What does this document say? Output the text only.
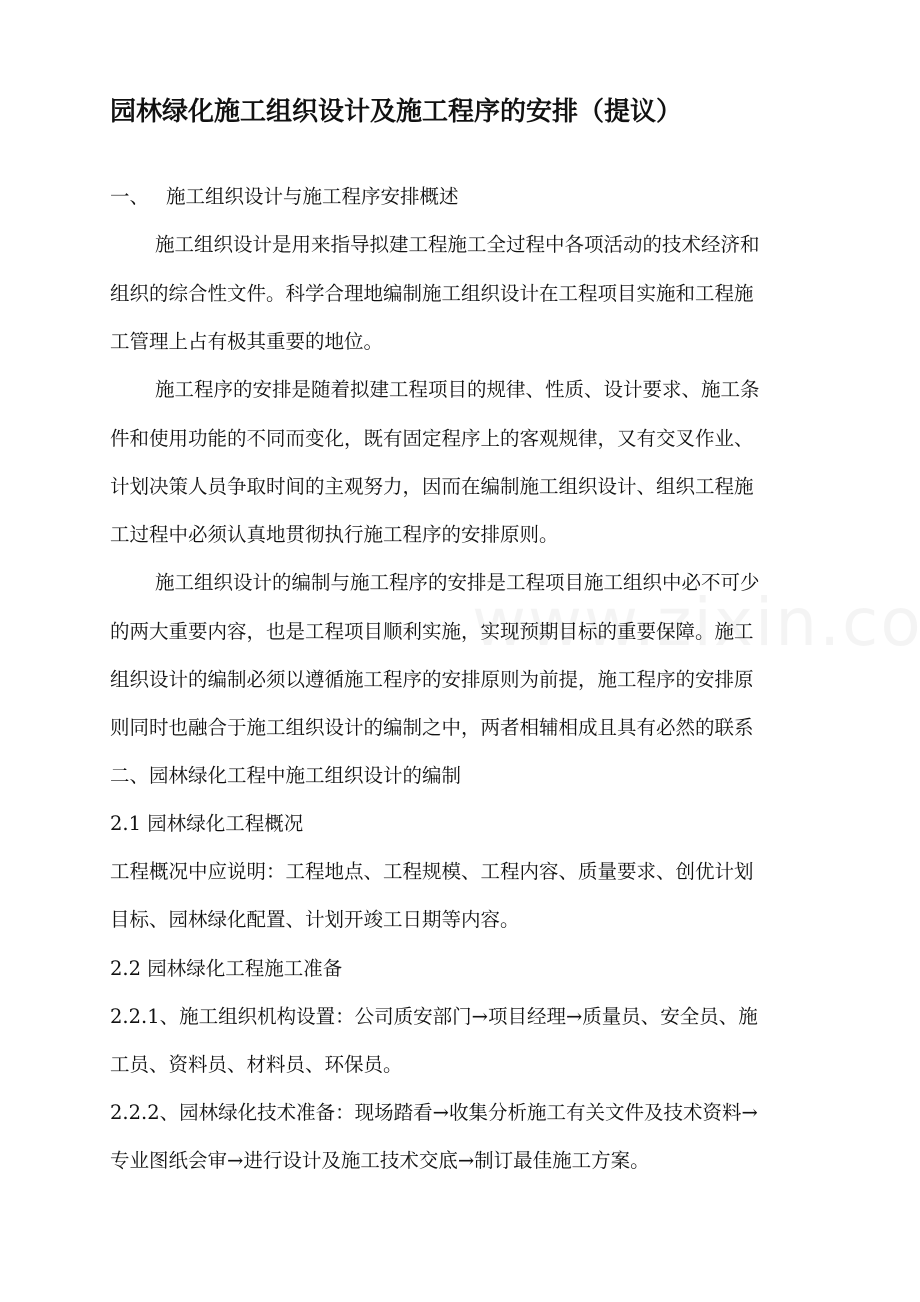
园林绿化施工组织设计及施工程序的安排（提议）

一、 施工组织设计与施工程序安排概述

施工组织设计是用来指导拟建工程施工全过程中各项活动的技术经济和

组织的综合性文件。科学合理地编制施工组织设计在工程项目实施和工程施

工管理上占有极其重要的地位。

施工程序的安排是随着拟建工程项目的规律、性质、设计要求、施工条

件和使用功能的不同而变化，既有固定程序上的客观规律，又有交叉作业、

计划决策人员争取时间的主观努力，因而在编制施工组织设计、组织工程施

工过程中必须认真地贯彻执行施工程序的安排原则。

施工组织设计的编制与施工程序的安排是工程项目施工组织中必不可少

的两大重要内容，也是工程项目顺利实施，实现预期目标的重要保障。施工

组织设计的编制必须以遵循施工程序的安排原则为前提，施工程序的安排原

则同时也融合于施工组织设计的编制之中，两者相辅相成且具有必然的联系

二、园林绿化工程中施工组织设计的编制

2.1 园林绿化工程概况

工程概况中应说明：工程地点、工程规模、工程内容、质量要求、创优计划

目标、园林绿化配置、计划开竣工日期等内容。

2.2 园林绿化工程施工准备

2.2.1、施工组织机构设置：公司质安部门→项目经理→质量员、安全员、施

工员、资料员、材料员、环保员。

2.2.2、园林绿化技术准备：现场踏看→收集分析施工有关文件及技术资料→

专业图纸会审→进行设计及施工技术交底→制订最佳施工方案。
